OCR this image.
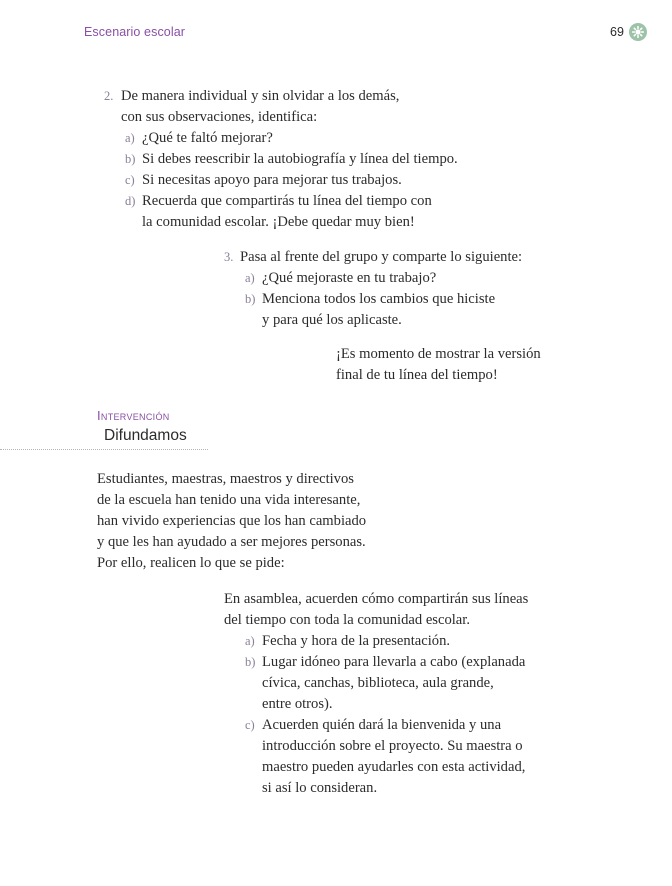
Escenario escolar	69
2. De manera individual y sin olvidar a los demás,
con sus observaciones, identifica:
a) ¿Qué te faltó mejorar?
b) Si debes reescribir la autobiografía y línea del tiempo.
c) Si necesitas apoyo para mejorar tus trabajos.
d) Recuerda que compartirás tu línea del tiempo con
la comunidad escolar. ¡Debe quedar muy bien!
3. Pasa al frente del grupo y comparte lo siguiente:
a) ¿Qué mejoraste en tu trabajo?
b) Menciona todos los cambios que hiciste
y para qué los aplicaste.
¡Es momento de mostrar la versión
final de tu línea del tiempo!
Intervención
Difundamos
Estudiantes, maestras, maestros y directivos
de la escuela han tenido una vida interesante,
han vivido experiencias que los han cambiado
y que les han ayudado a ser mejores personas.
Por ello, realicen lo que se pide:
En asamblea, acuerden cómo compartirán sus líneas
del tiempo con toda la comunidad escolar.
a) Fecha y hora de la presentación.
b) Lugar idóneo para llevarla a cabo (explanada
cívica, canchas, biblioteca, aula grande,
entre otros).
c) Acuerden quién dará la bienvenida y una
introducción sobre el proyecto. Su maestra o
maestro pueden ayudarles con esta actividad,
si así lo consideran.
